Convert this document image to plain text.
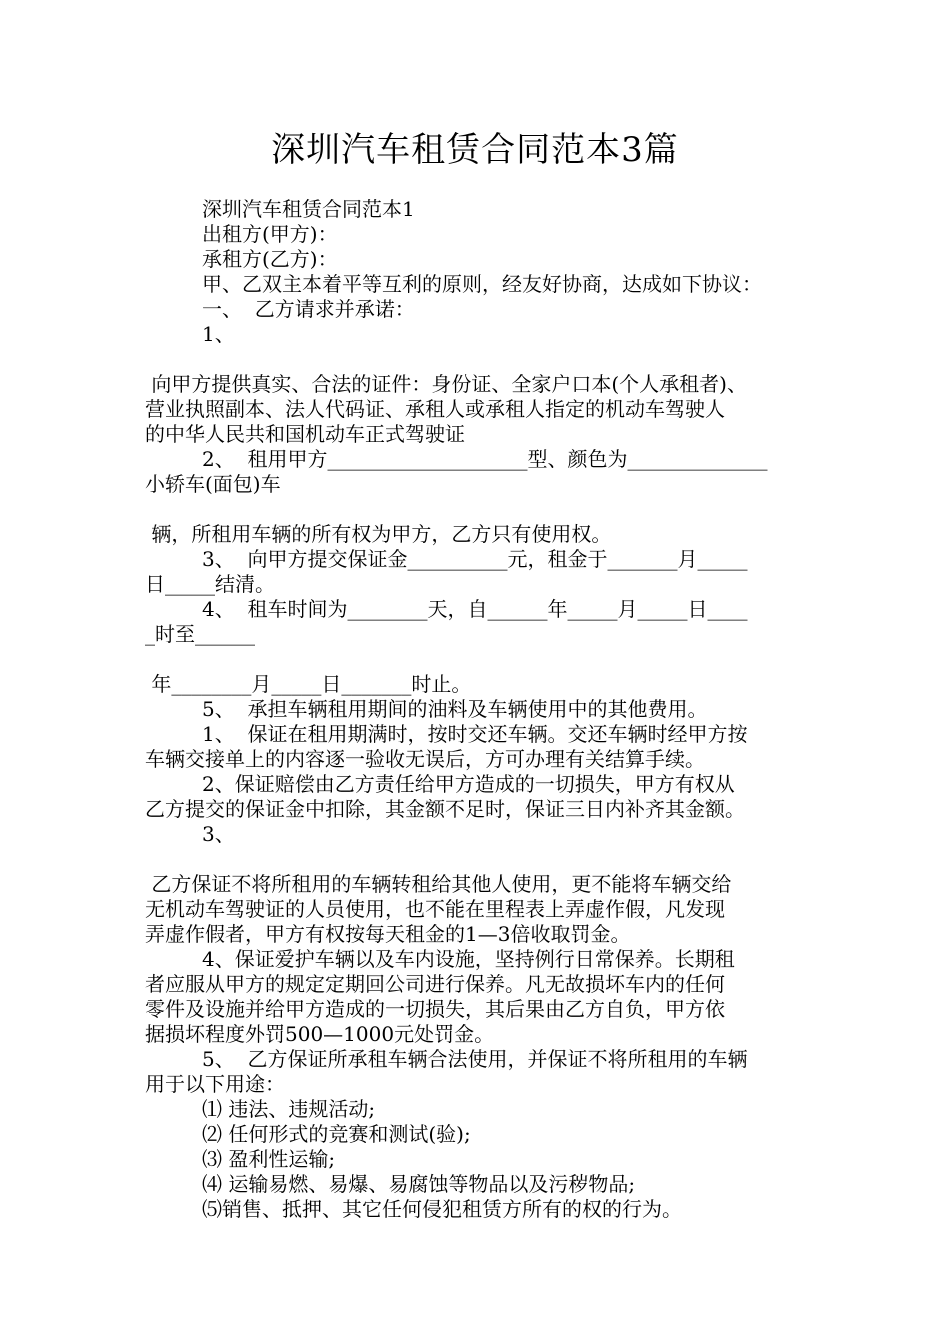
深圳汽车租赁合同范本3篇
深圳汽车租赁合同范本1
出租方(甲方)：
承租方(乙方)：
甲、乙双主本着平等互利的原则，经友好协商，达成如下协议：
一、  乙方请求并承诺：
1、
向甲方提供真实、合法的证件：身份证、全家户口本(个人承租者)、
营业执照副本、法人代码证、承租人或承租人指定的机动车驾驶人
的中华人民共和国机动车正式驾驶证
2、  租用甲方____________________型、颜色为______________
小轿车(面包)车
辆，所租用车辆的所有权为甲方，乙方只有使用权。
3、  向甲方提交保证金__________元，租金于_______月_____
日_____结清。
4、  租车时间为________天，自______年_____月_____日____
_时至______
年________月_____日_______时止。
5、  承担车辆租用期间的油料及车辆使用中的其他费用。
1、  保证在租用期满时，按时交还车辆。交还车辆时经甲方按
车辆交接单上的内容逐一验收无误后，方可办理有关结算手续。
2、保证赔偿由乙方责任给甲方造成的一切损失，甲方有权从
乙方提交的保证金中扣除，其金额不足时，保证三日内补齐其金额。
3、
乙方保证不将所租用的车辆转租给其他人使用，更不能将车辆交给
无机动车驾驶证的人员使用，也不能在里程表上弄虚作假，凡发现
弄虚作假者，甲方有权按每天租金的1—3倍收取罚金。
4、保证爱护车辆以及车内设施，坚持例行日常保养。长期租
者应服从甲方的规定定期回公司进行保养。凡无故损坏车内的任何
零件及设施并给甲方造成的一切损失，其后果由乙方自负，甲方依
据损坏程度外罚500—1000元处罚金。
5、  乙方保证所承租车辆合法使用，并保证不将所租用的车辆
用于以下用途：
⑴ 违法、违规活动;
⑵ 任何形式的竞赛和测试(验);
⑶ 盈利性运输;
⑷ 运输易燃、易爆、易腐蚀等物品以及污秽物品;
⑸销售、抵押、其它任何侵犯租赁方所有的权的行为。
